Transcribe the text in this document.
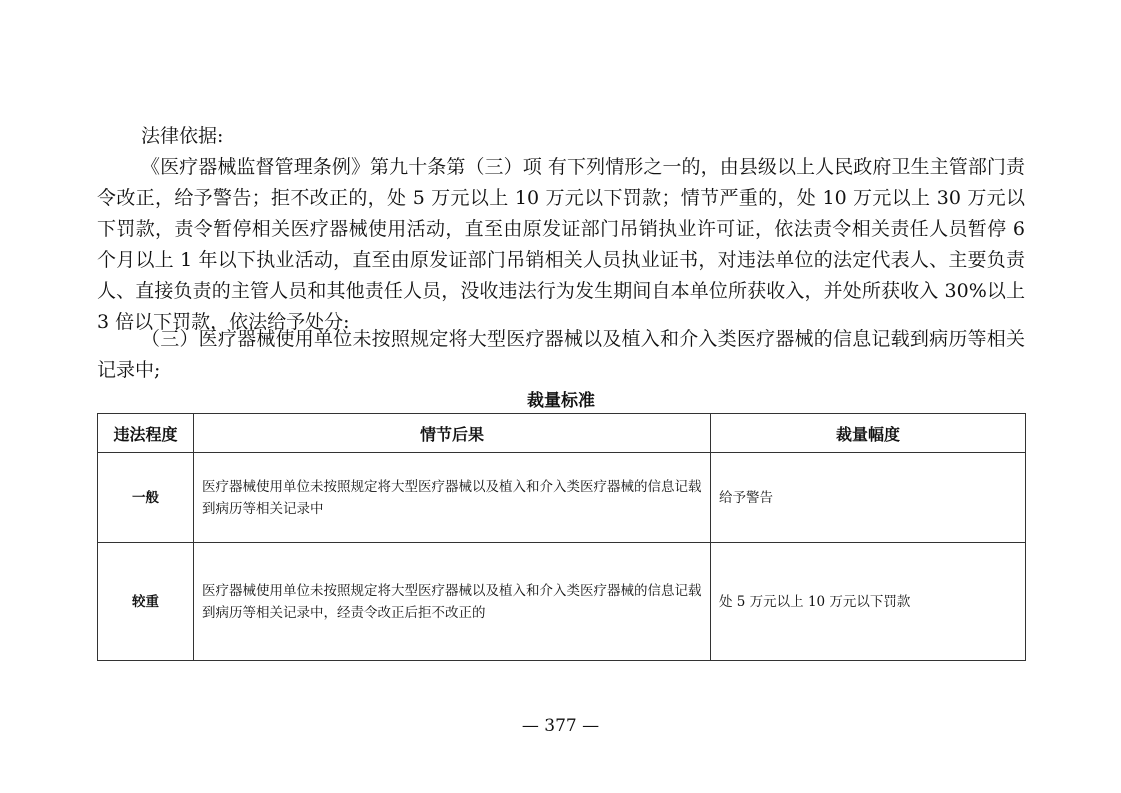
法律依据:

《医疗器械监督管理条例》第九十条第（三）项 有下列情形之一的，由县级以上人民政府卫生主管部门责令改正，给予警告；拒不改正的，处 5 万元以上 10 万元以下罚款；情节严重的，处 10 万元以上 30 万元以下罚款，责令暂停相关医疗器械使用活动，直至由原发证部门吊销执业许可证，依法责令相关责任人员暂停 6 个月以上 1 年以下执业活动，直至由原发证部门吊销相关人员执业证书，对违法单位的法定代表人、主要负责人、直接负责的主管人员和其他责任人员，没收违法行为发生期间自本单位所获收入，并处所获收入 30%以上 3 倍以下罚款，依法给予处分:

（三）医疗器械使用单位未按照规定将大型医疗器械以及植入和介入类医疗器械的信息记载到病历等相关记录中;

裁量标准

违法程度	情节后果	裁量幅度
一般	医疗器械使用单位未按照规定将大型医疗器械以及植入和介入类医疗器械的信息记载到病历等相关记录中	给予警告
较重	医疗器械使用单位未按照规定将大型医疗器械以及植入和介入类医疗器械的信息记载到病历等相关记录中，经责令改正后拒不改正的	处 5 万元以上 10 万元以下罚款

— 377 —
